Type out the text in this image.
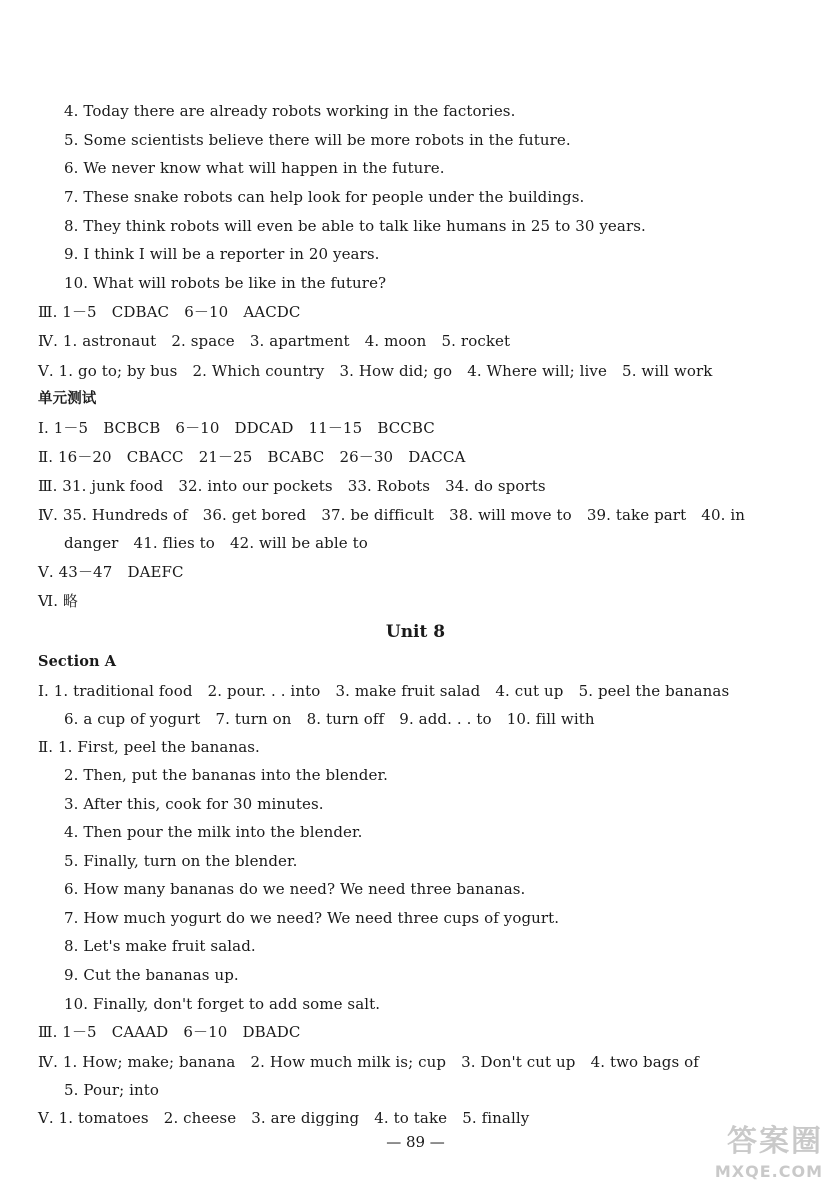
4. Today there are already robots working in the factories.
5. Some scientists believe there will be more robots in the future.
6. We never know what will happen in the future.
7. These snake robots can help look for people under the buildings.
8. They think robots will even be able to talk like humans in 25 to 30 years.
9. I think I will be a reporter in 20 years.
10. What will robots be like in the future?
Ⅲ. 1－5　CDBAC　6－10　AACDC
Ⅳ. 1. astronaut　2. space　3. apartment　4. moon　5. rocket
Ⅴ. 1. go to; by bus　2. Which country　3. How did; go　4. Where will; live　5. will work
单元测试
Ⅰ. 1－5　BCBCB　6－10　DDCAD　11－15　BCCBC
Ⅱ. 16－20　CBACC　21－25　BCABC　26－30　DACCA
Ⅲ. 31. junk food　32. into our pockets　33. Robots　34. do sports
Ⅳ. 35. Hundreds of　36. get bored　37. be difficult　38. will move to　39. take part　40. in
danger　41. flies to　42. will be able to
Ⅴ. 43－47　DAEFC
Ⅵ. 略
Unit 8
Section A
Ⅰ. 1. traditional food　2. pour. . . into　3. make fruit salad　4. cut up　5. peel the bananas
6. a cup of yogurt　7. turn on　8. turn off　9. add. . . to　10. fill with
Ⅱ. 1. First, peel the bananas.
2. Then, put the bananas into the blender.
3. After this, cook for 30 minutes.
4. Then pour the milk into the blender.
5. Finally, turn on the blender.
6. How many bananas do we need? We need three bananas.
7. How much yogurt do we need? We need three cups of yogurt.
8. Let's make fruit salad.
9. Cut the bananas up.
10. Finally, don't forget to add some salt.
Ⅲ. 1－5　CAAAD　6－10　DBADC
Ⅳ. 1. How; make; banana　2. How much milk is; cup　3. Don't cut up　4. two bags of
5. Pour; into
Ⅴ. 1. tomatoes　2. cheese　3. are digging　4. to take　5. finally
— 89 —	答案圈
MXQE.COM
